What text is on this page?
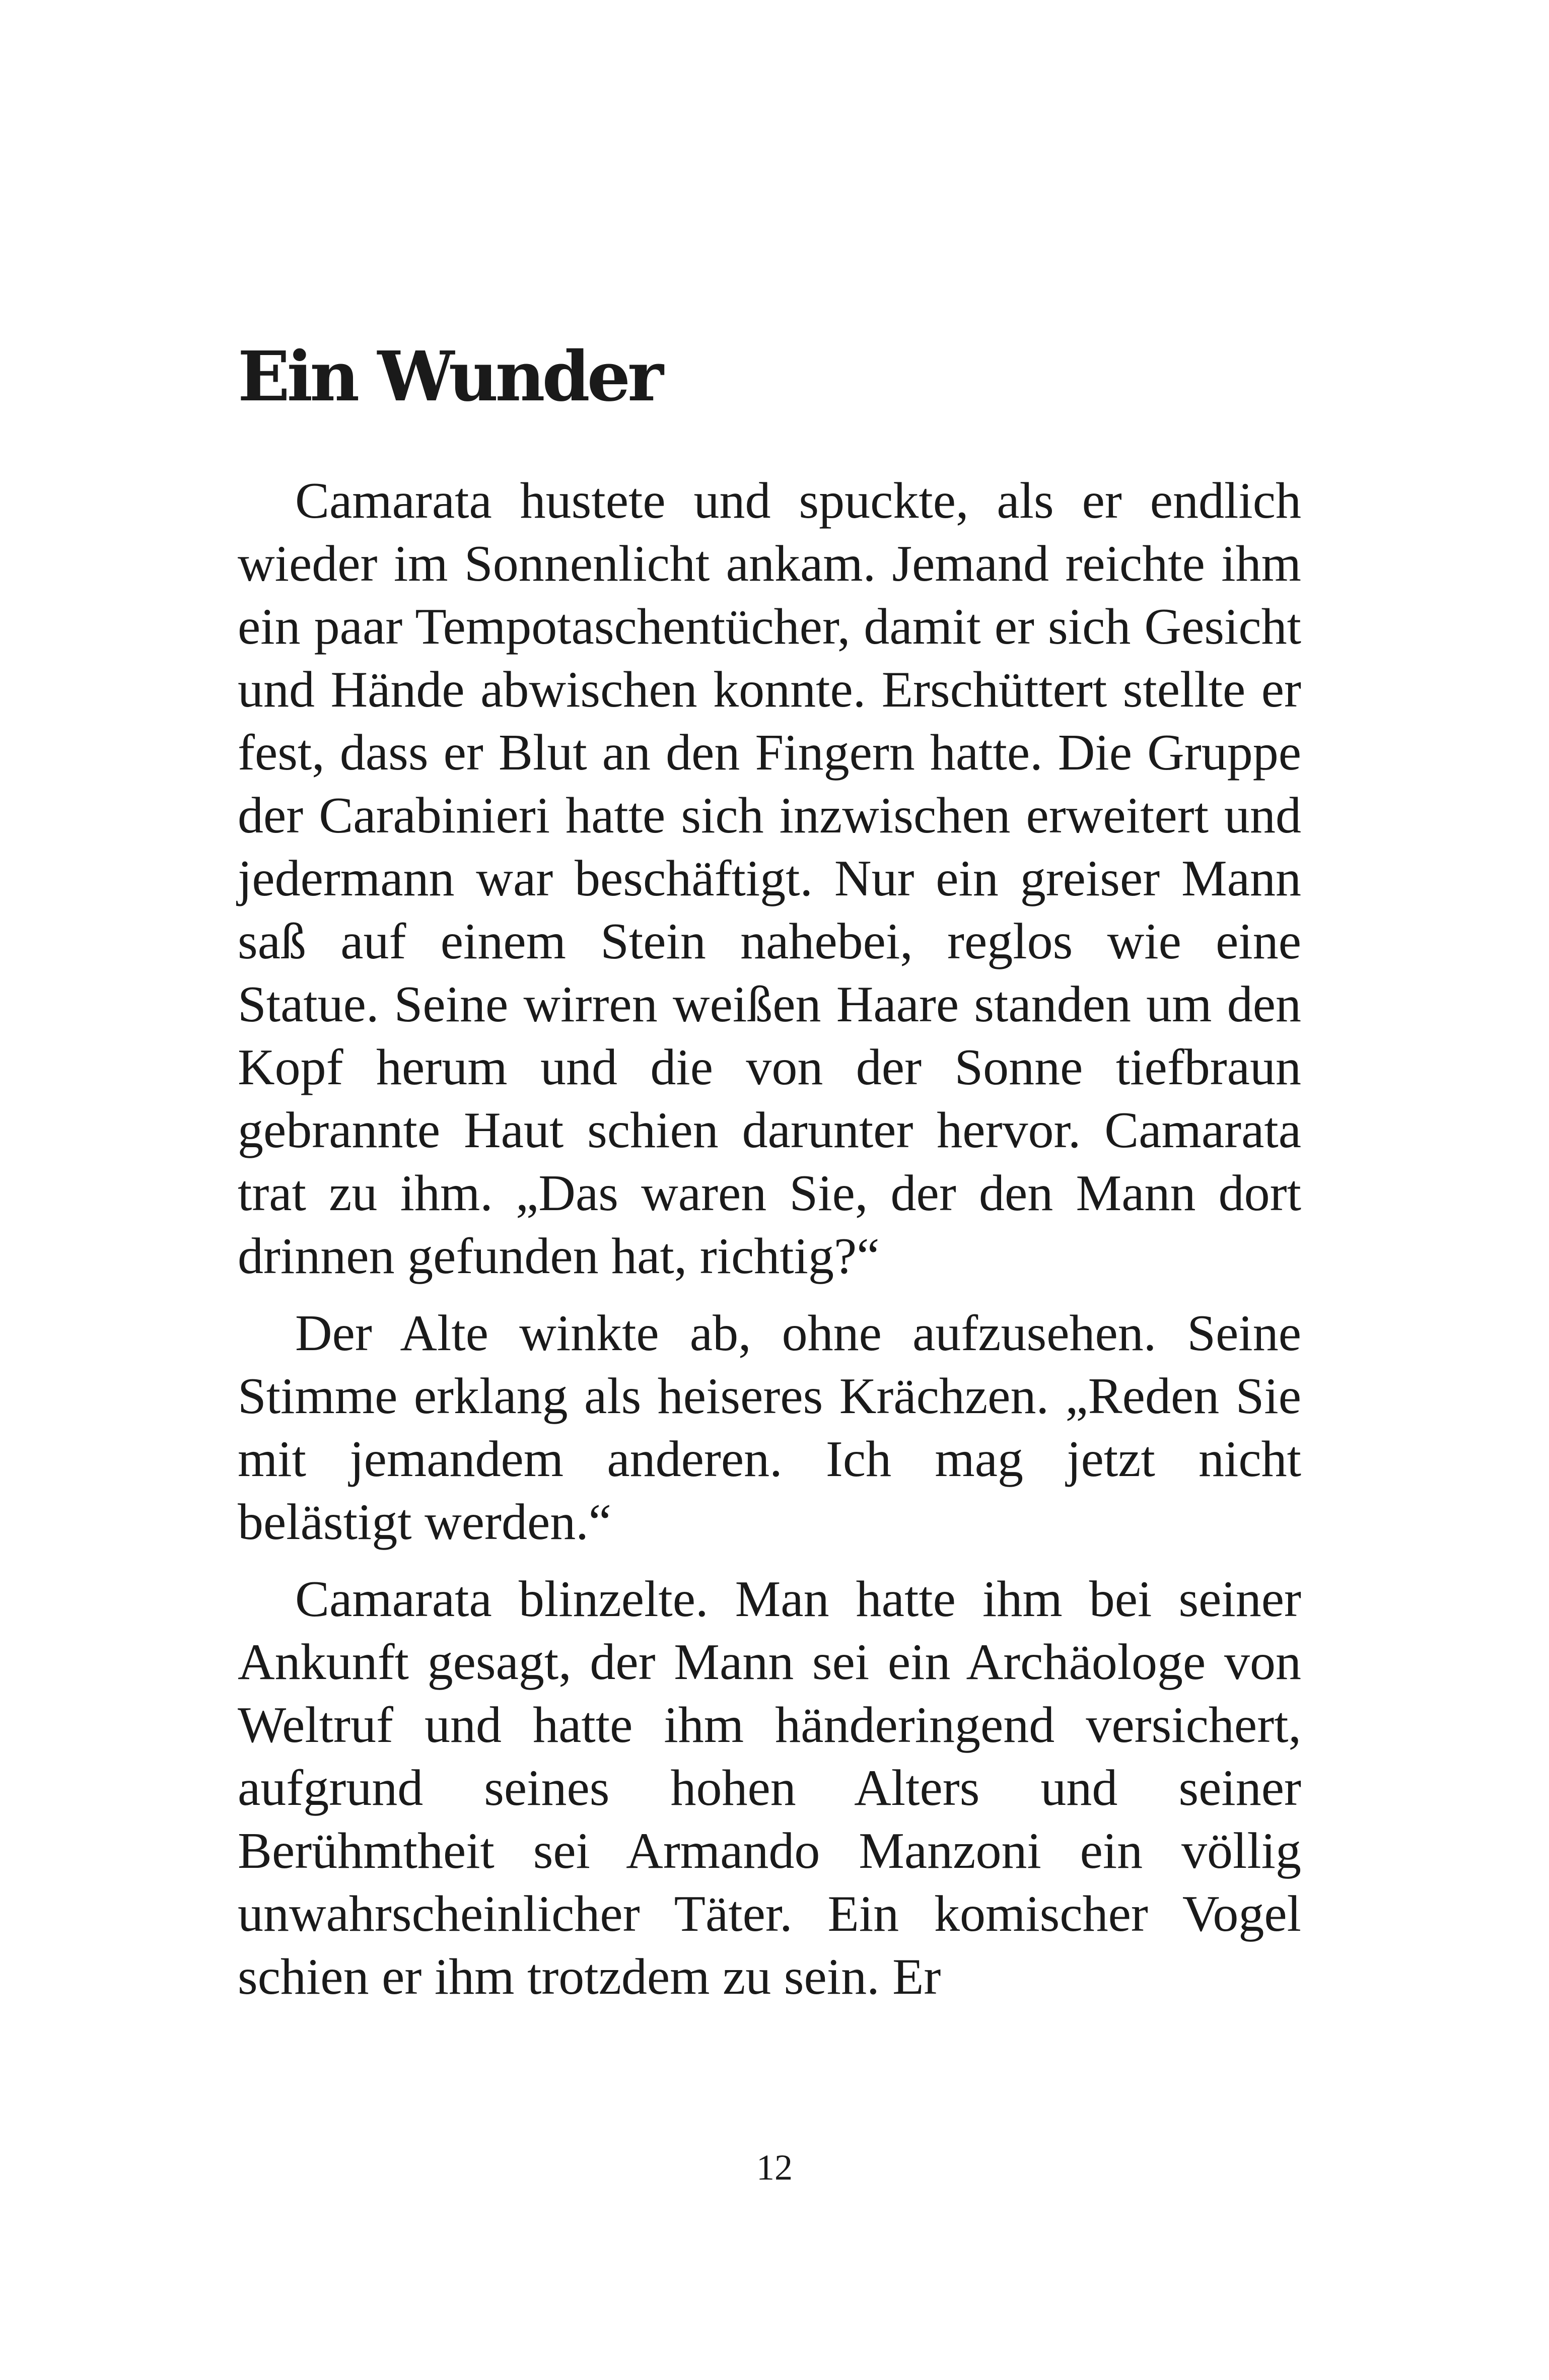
Ein Wunder

Camarata hustete und spuckte, als er endlich wieder im Sonnenlicht ankam. Jemand reichte ihm ein paar Tempotaschentücher, damit er sich Gesicht und Hände abwischen konnte. Erschüttert stellte er fest, dass er Blut an den Fingern hatte. Die Gruppe der Carabinieri hatte sich inzwischen erweitert und jedermann war beschäftigt. Nur ein greiser Mann saß auf einem Stein nahebei, reglos wie eine Statue. Seine wirren weißen Haare standen um den Kopf herum und die von der Sonne tiefbraun gebrannte Haut schien darunter hervor. Camarata trat zu ihm. „Das waren Sie, der den Mann dort drinnen gefunden hat, richtig?“

Der Alte winkte ab, ohne aufzusehen. Seine Stimme erklang als heiseres Krächzen. „Reden Sie mit jemandem anderen. Ich mag jetzt nicht belästigt werden.“

Camarata blinzelte. Man hatte ihm bei seiner Ankunft gesagt, der Mann sei ein Archäologe von Weltruf und hatte ihm händeringend versichert, aufgrund seines hohen Alters und seiner Berühmtheit sei Armando Manzoni ein völlig unwahrscheinlicher Täter. Ein komischer Vogel schien er ihm trotzdem zu sein. Er

12
